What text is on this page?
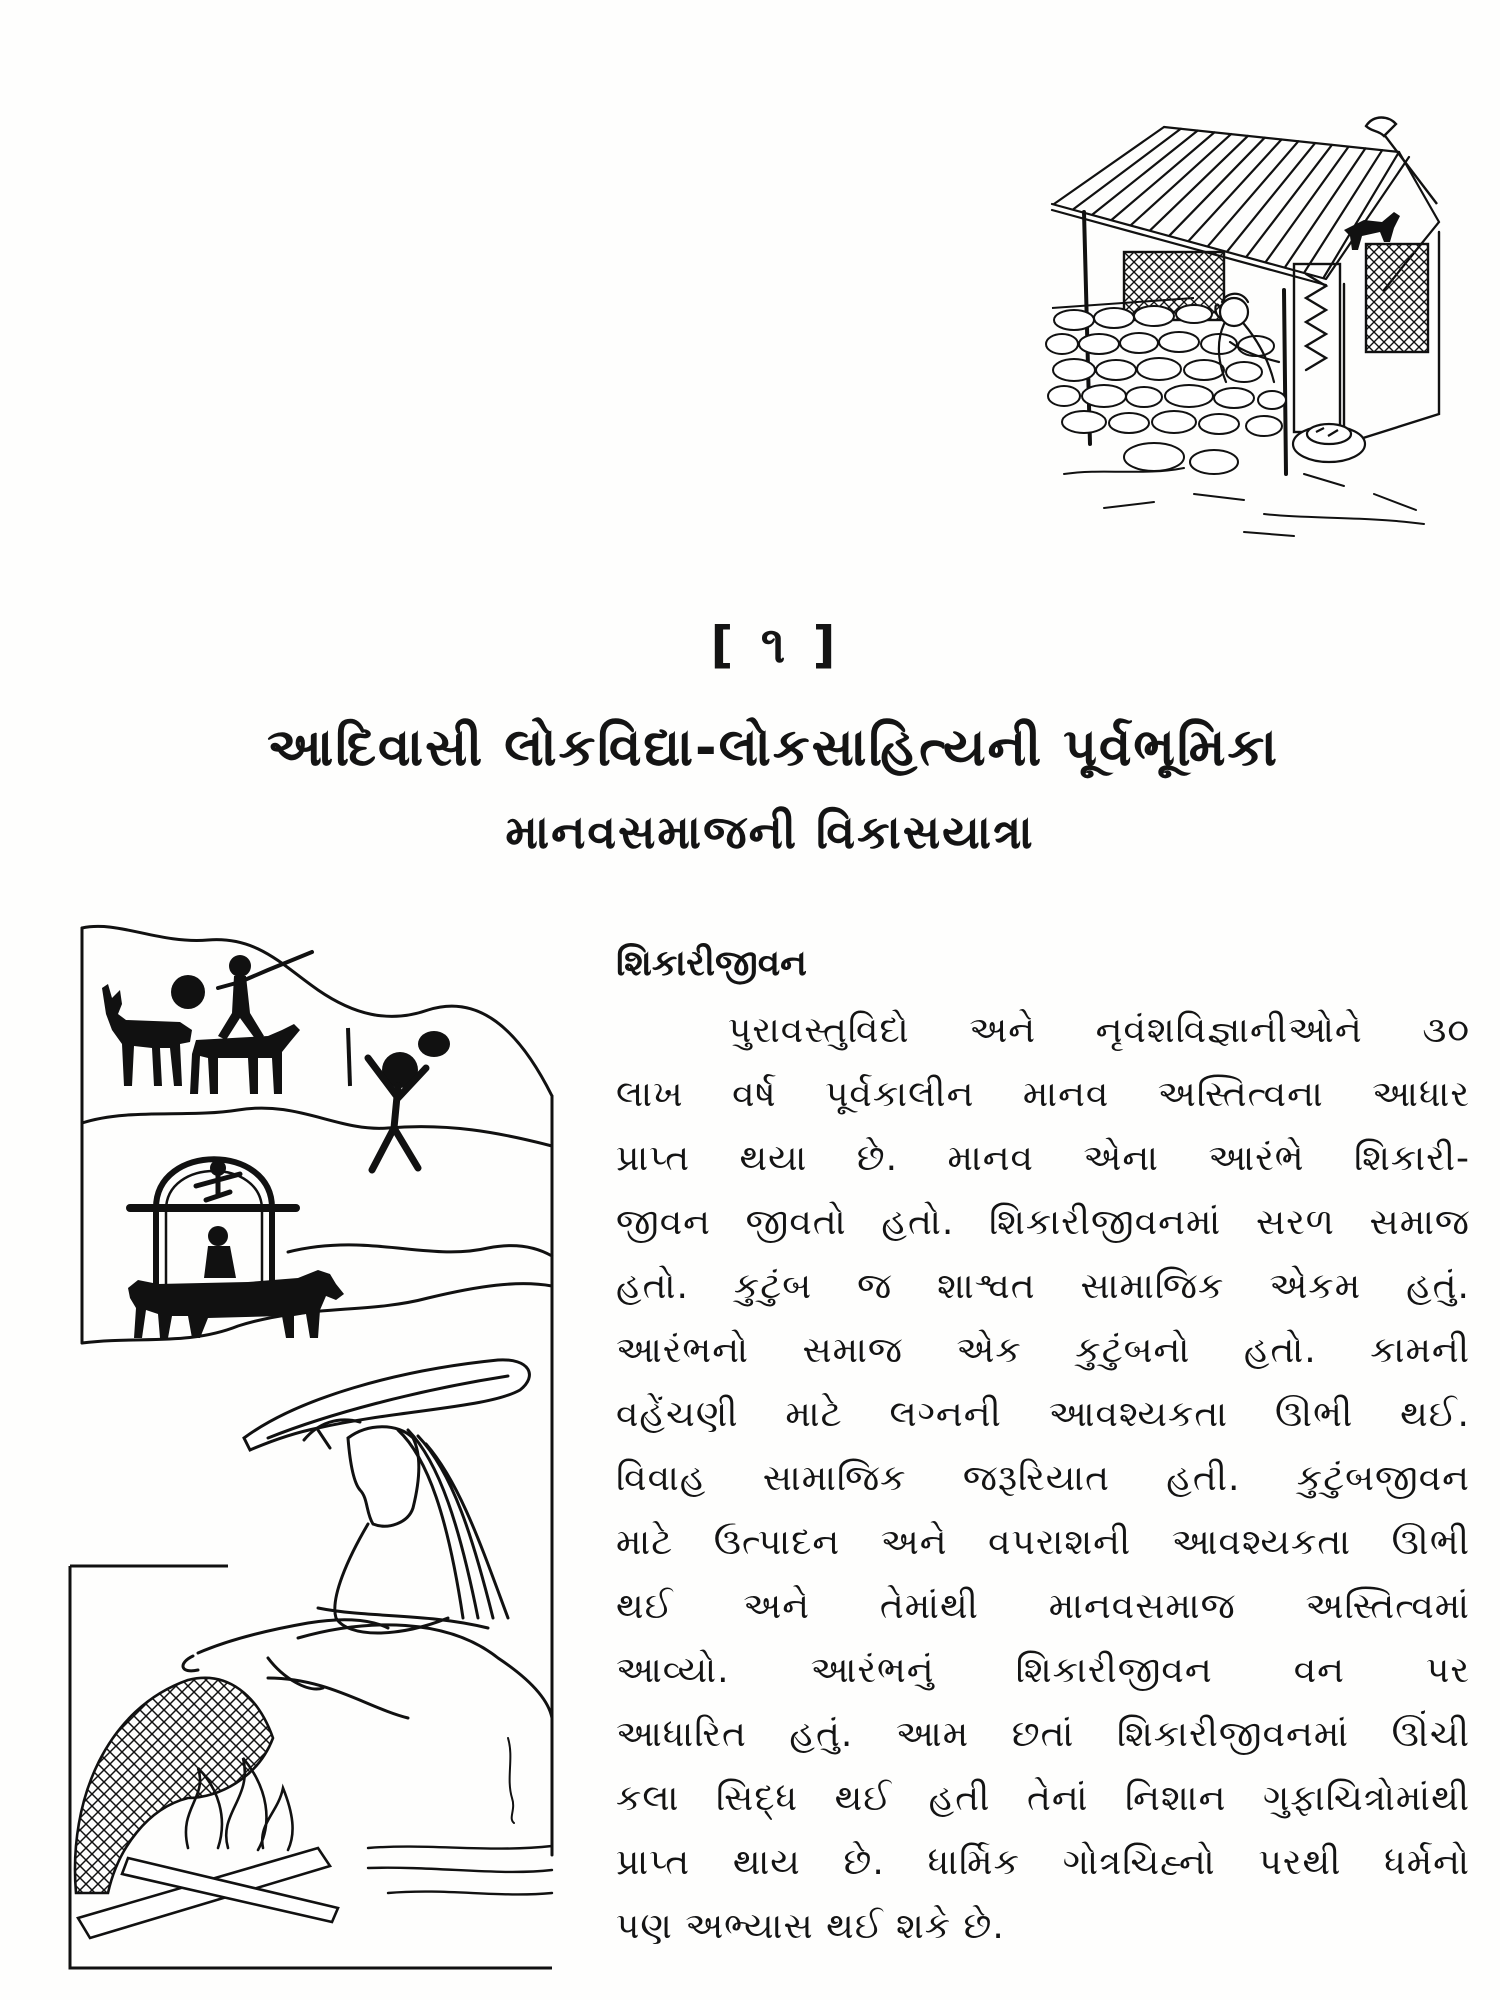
[ ૧ ]
આદિવાસી લોકવિદ્યા-લોકસાહિત્યની પૂર્વભૂમિકા
માનવસમાજની વિકાસયાત્રા
શિકારીજીવન
પુરાવસ્તુવિદો અને નૃવંશવિજ્ઞાનીઓને ૩૦
લાખ વર્ષ પૂર્વકાલીન માનવ અસ્તિત્વના આધાર
પ્રાપ્ત થયા છે. માનવ એના આરંભે શિકારી-
જીવન જીવતો હતો. શિકારીજીવનમાં સરળ સમાજ
હતો. કુટુંબ જ શાશ્વત સામાજિક એકમ હતું.
આરંભનો સમાજ એક કુટુંબનો હતો. કામની
વહેંચણી માટે લગ્નની આવશ્યકતા ઊભી થઈ.
વિવાહ સામાજિક જરૂરિયાત હતી. કુટુંબજીવન
માટે ઉત્પાદન અને વપરાશની આવશ્યકતા ઊભી
થઈ અને તેમાંથી માનવસમાજ અસ્તિત્વમાં
આવ્યો. આરંભનું શિકારીજીવન વન પર
આધારિત હતું. આમ છતાં શિકારીજીવનમાં ઊંચી
કલા સિદ્ધ થઈ હતી તેનાં નિશાન ગુફાચિત્રોમાંથી
પ્રાપ્ત થાય છે. ધાર્મિક ગોત્રચિહ્નો પરથી ધર્મનો
પણ અભ્યાસ થઈ શકે છે.
